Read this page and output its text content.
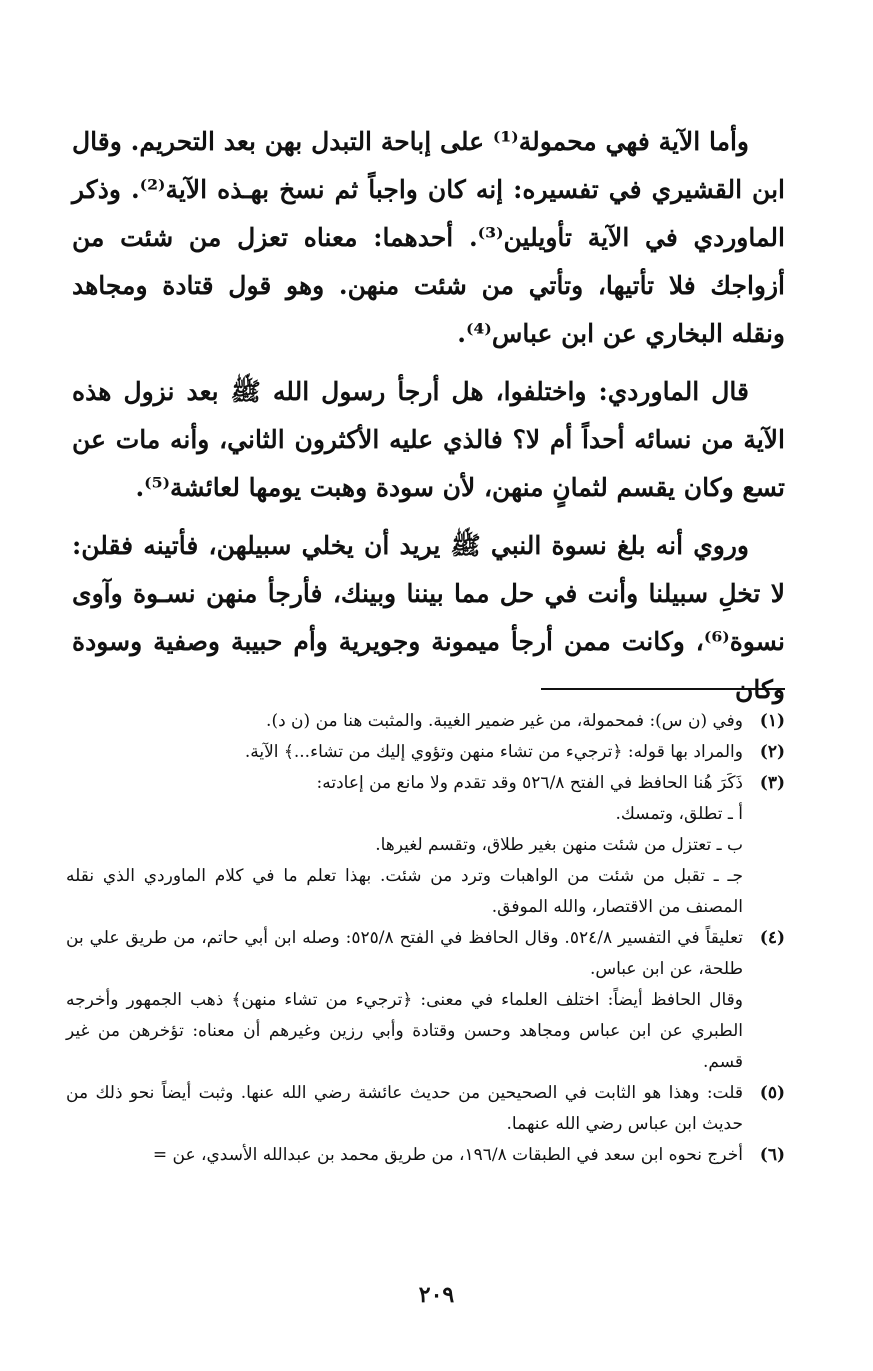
وأما الآية فهي محمولة⁽¹⁾ على إباحة التبدل بهن بعد التحريم. وقال ابن القشيري في تفسيره: إنه كان واجباً ثم نسخ بهـذه الآية⁽²⁾. وذكر الماوردي في الآية تأويلين⁽³⁾. أحدهما: معناه تعزل من شئت من أزواجك فلا تأتيها، وتأتي من شئت منهن. وهو قول قتادة ومجاهد ونقله البخاري عن ابن عباس⁽⁴⁾.

قال الماوردي: واختلفوا، هل أرجأ رسول الله ﷺ بعد نزول هذه الآية من نسائه أحداً أم لا؟ فالذي عليه الأكثرون الثاني، وأنه مات عن تسع وكان يقسم لثمانٍ منهن، لأن سودة وهبت يومها لعائشة⁽⁵⁾.

وروي أنه بلغ نسوة النبي ﷺ يريد أن يخلي سبيلهن، فأتينه فقلن: لا تخلِ سبيلنا وأنت في حل مما بيننا وبينك، فأرجأ منهن نسـوة وآوى نسوة⁽⁶⁾، وكانت ممن أرجأ ميمونة وجويرية وأم حبيبة وصفية وسودة وكان

(١)
وفي (ن س): فمحمولة، من غير ضمير الغيبة. والمثبت هنا من (ن د).
(٢)
والمراد بها قوله: ﴿ترجيء من تشاء منهن وتؤوي إليك من تشاء...﴾ الآية.
(٣)
ذَكَرَ هُنا الحافظ في الفتح ٥٢٦/٨ وقد تقدم ولا مانع من إعادته:
أ ـ تطلق، وتمسك.
ب ـ تعتزل من شئت منهن بغير طلاق، وتقسم لغيرها.
جـ ـ تقبل من شئت من الواهبات وترد من شئت. بهذا تعلم ما في كلام الماوردي الذي نقله المصنف من الاقتصار، والله الموفق.
(٤)
تعليقاً في التفسير ٥٢٤/٨. وقال الحافظ في الفتح ٥٢٥/٨: وصله ابن أبي حاتم، من طريق علي بن طلحة، عن ابن عباس.
وقال الحافظ أيضاً: اختلف العلماء في معنى: ﴿ترجيء من تشاء منهن﴾ ذهب الجمهور وأخرجه الطبري عن ابن عباس ومجاهد وحسن وقتادة وأبي رزين وغيرهم أن معناه: تؤخرهن من غير قسم.
(٥)
قلت: وهذا هو الثابت في الصحيحين من حديث عائشة رضي الله عنها. وثبت أيضاً نحو ذلك من حديث ابن عباس رضي الله عنهما.
(٦)
أخرج نحوه ابن سعد في الطبقات ١٩٦/٨، من طريق محمد بن عبدالله الأسدي، عن =
٢٠٩
